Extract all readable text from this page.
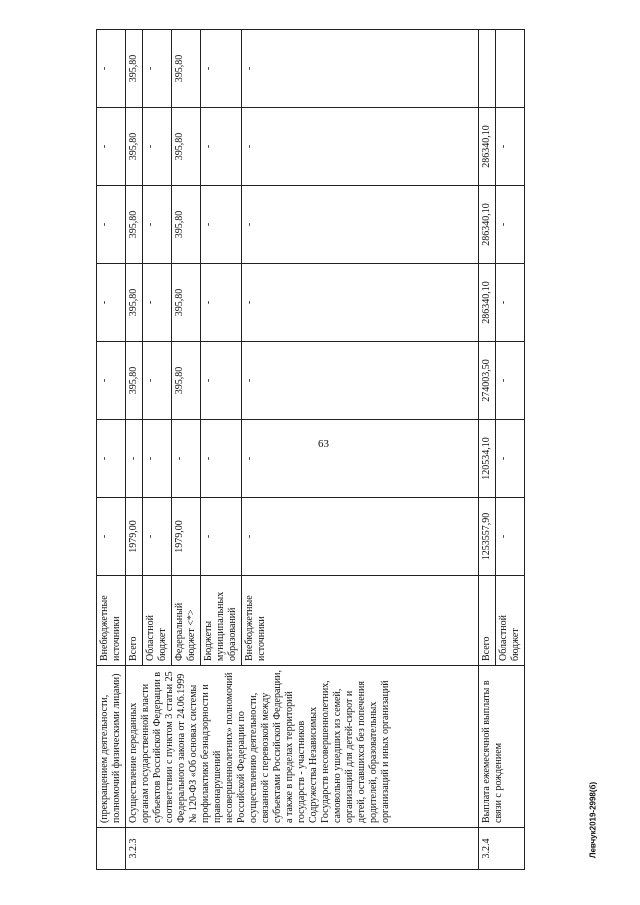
63
Левчук2019-2998(б)
	(прекращением деятельности, полномочий физическими лицами)	Внебюджетные источники	-	-	-	-	-	-	-
3.2.3	Осуществление переданных органам государственной власти субъектов Российской Федерации в соответствии с пунктом 3 статьи 25 Федерального закона от 24.06.1999 № 120-ФЗ «Об основах системы профилактики безнадзорности и правонарушений несовершеннолетних» полномочий Российской Федерации по осуществлению деятельности, связанной с перевозкой между субъектами Российской Федерации, а также в пределах территорий государств - участников Содружества Независимых Государств несовершеннолетних, самовольно ушедших из семей, организаций для детей-сирот и детей, оставшихся без попечения родителей, образовательных организаций и иных организаций	Всего	1979,00	-	395,80	395,80	395,80	395,80	395,80
		Областной бюджет	-	-	-	-	-	-	-
		Федеральный бюджет <*>	1979,00	-	395,80	395,80	395,80	395,80	395,80
		Бюджеты муниципальных образований	-	-	-	-	-	-	-
		Внебюджетные источники	-	-	-	-	-	-	-
3.2.4	Выплата ежемесячной выплаты в связи с рождением	Всего	1253557,90	120534,10	274003,50	286340,10	286340,10	286340,10	
		Областной бюджет	-	-	-	-	-	-	
